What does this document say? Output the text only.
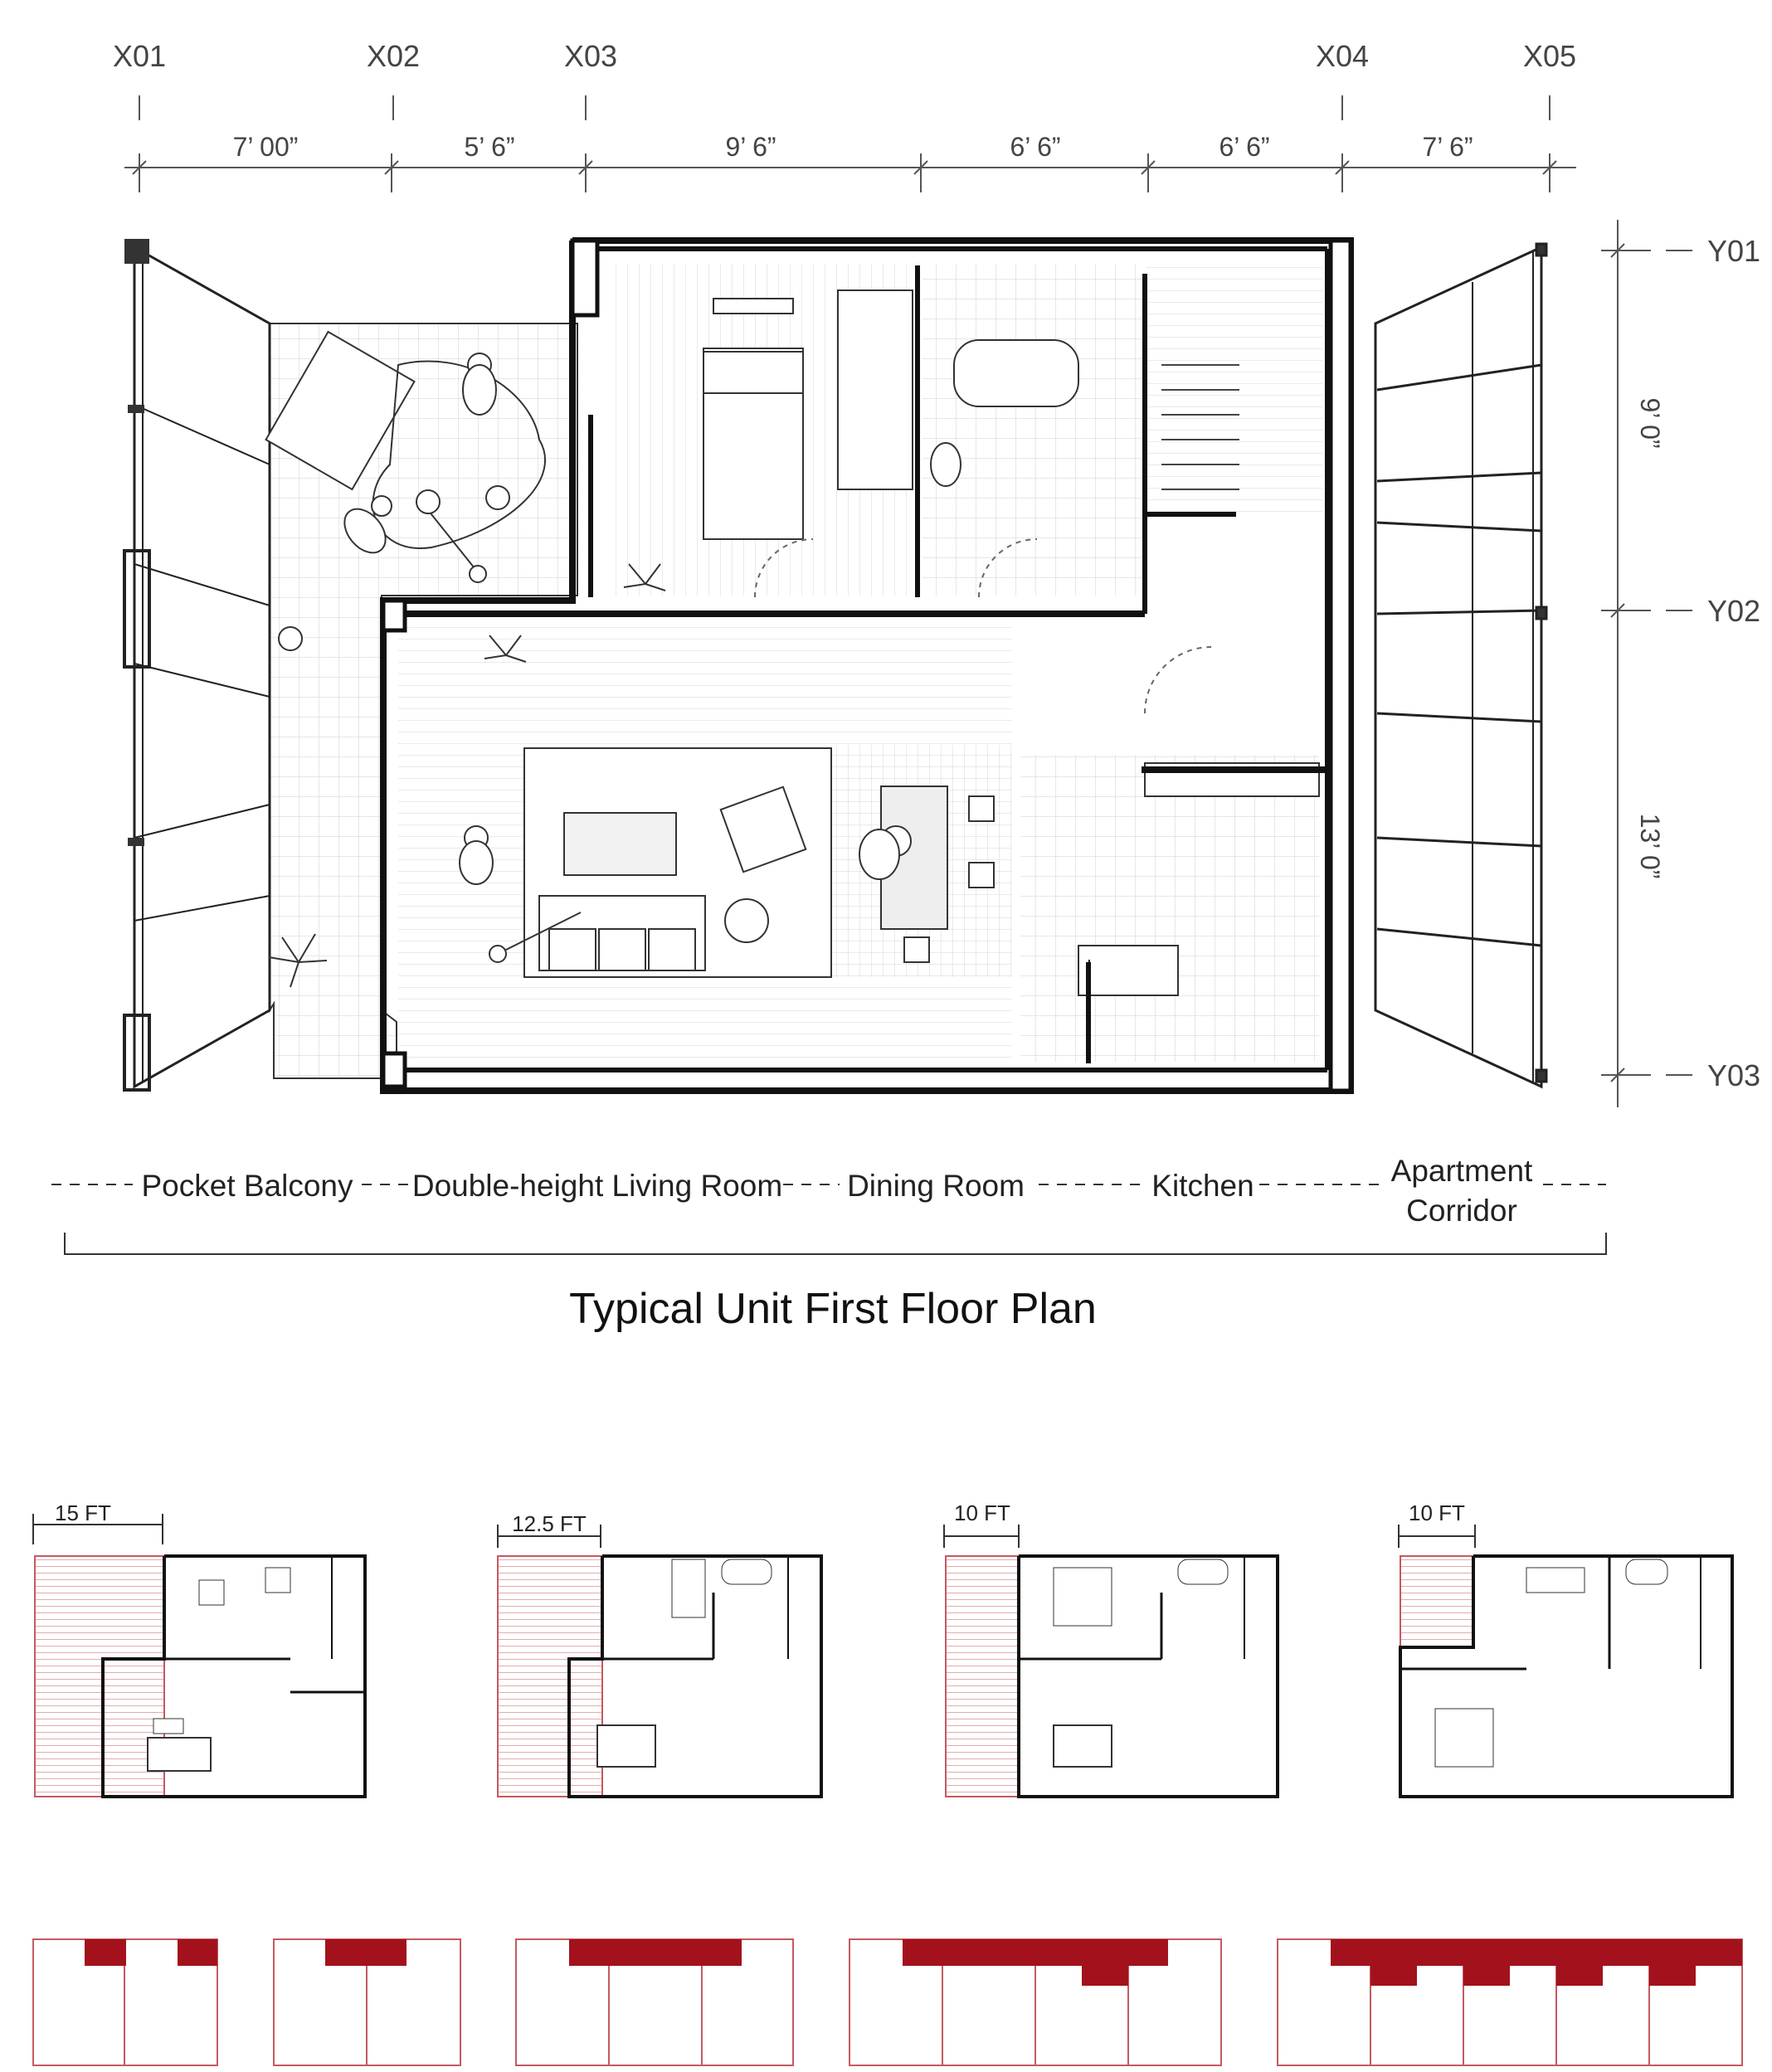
X01	X02	X03	X04	X05
7’ 00”	5’ 6”	9’ 6”	6’ 6”	6’ 6”	7’ 6”
Y01
Y02
Y03
9’ 0”
13’ 0”
Pocket Balcony Double-height Living Room Dining Room	Kitchen	Apartment
Corridor
Typical Unit First Floor Plan
15 FT	12.5 FT	10 FT	10 FT
